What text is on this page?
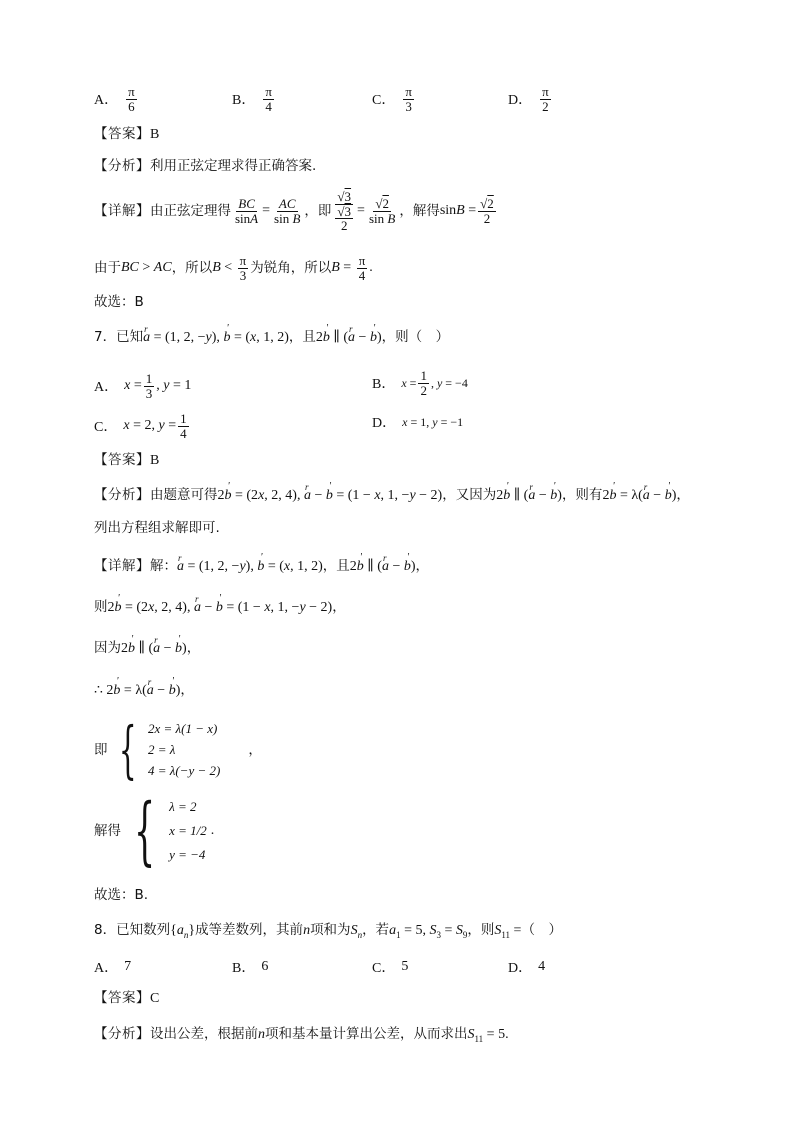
A． $\frac{\pi}{6}$	B． $\frac{\pi}{4}$	C． $\frac{\pi}{3}$	D． $\frac{\pi}{2}$
【答案】B
【分析】利用正弦定理求得正确答案.
【详解】 由正弦定理得 $\frac{BC}{\sin A} = \frac{AC}{\text{sin B}}$ ，即 $\frac{√3}{\frac{√3}{2}} = \frac{√2}{\text{sin B}}$ ，解得 $\sin B = \frac{√2}{2}$
由于 BC > AC ，所以 $B < \frac{\pi}{3}$ 为锐角，所以 $B = \frac{\pi}{4}$ .
故选：B
7．已知r a = (1, 2, −y), ' b = (x, 1, 2)，且2' b ∥ (r a − ' b)，则（　）
A． $x = \frac{1}{3}$ , y = 1	B． $x = \frac{1}{2}$ , y = −4
C． x = 2, $y = \frac{1}{4}$	D． x = 1, y = −1
【答案】B
【分析】由题意可得2' b = (2x, 2, 4), r a − ' b = (1 − x, 1, −y − 2)，又因为2' b ∥ (r a − ' b)，则有2' b = λ(r a − ' b)，
列出方程组求解即可.
【详解】解：r a = (1, 2, −y), ' b = (x, 1, 2)，且2' b ∥ (r a − ' b)，
则2' b = (2x, 2, 4), r a − ' b = (1 − x, 1, −y − 2)，
因为2' b ∥ (r a − ' b)，
∴ 2' b = λ(r a − ' b)，
即 { 2x = λ(1 − x)
2 = λ
4 = λ(−y − 2)
，
解得 { λ = 2
x = 1/2
y = −4
.
故选：B.
8．已知数列$\{a_n\}$成等差数列，其前n项和为$S_n$，若$a_1 = 5$, $S_3 = S_9$，则$S_{11}$ =（　）
A． 7	B． 6	C． 5	D． 4
【答案】C
【分析】设出公差，根据前n项和基本量计算出公差，从而求出$S_{11} = 5$.
